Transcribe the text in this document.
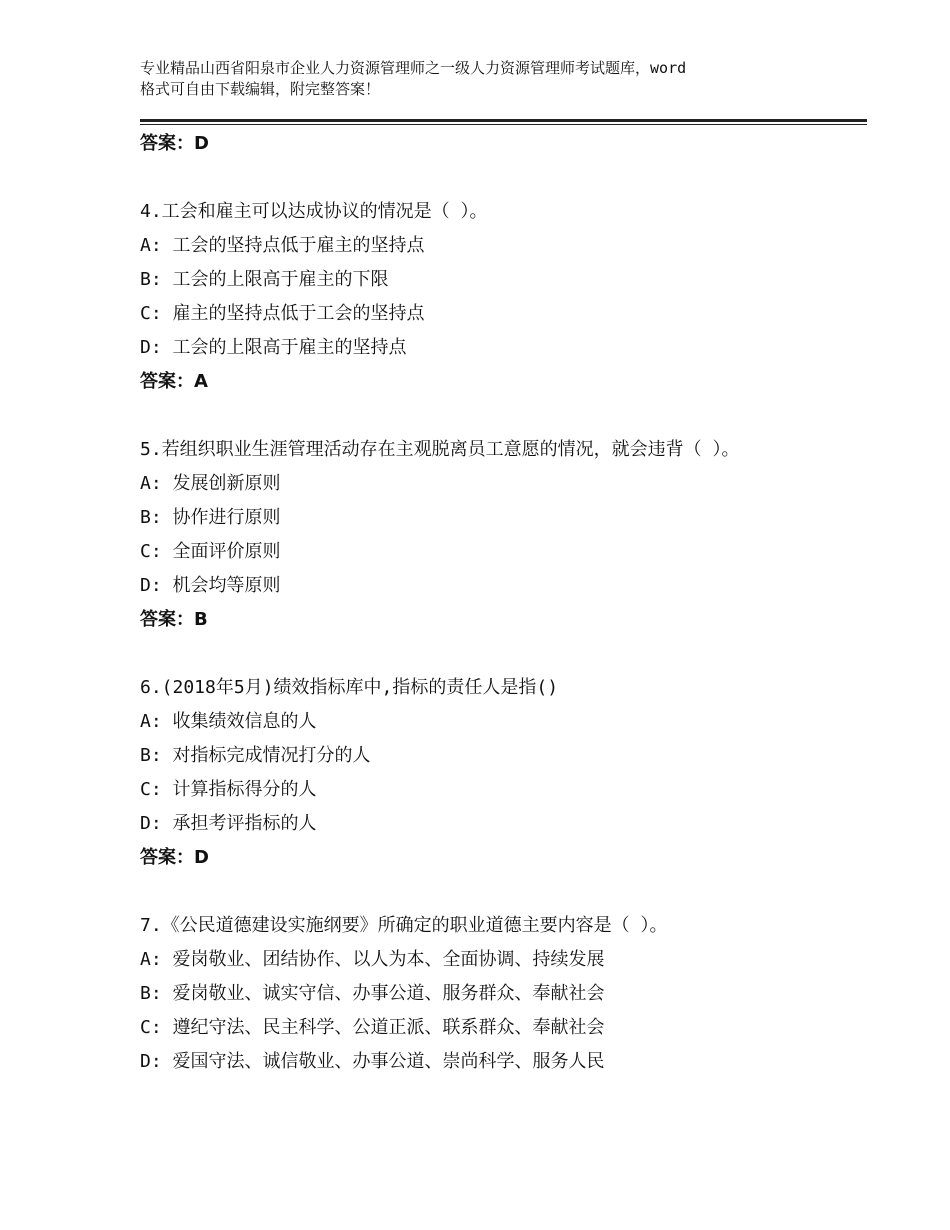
专业精品山西省阳泉市企业人力资源管理师之一级人力资源管理师考试题库，word
格式可自由下载编辑，附完整答案！
答案：D
4.工会和雇主可以达成协议的情况是（ ）。
A: 工会的坚持点低于雇主的坚持点
B: 工会的上限高于雇主的下限
C: 雇主的坚持点低于工会的坚持点
D: 工会的上限高于雇主的坚持点
答案：A
5.若组织职业生涯管理活动存在主观脱离员工意愿的情况，就会违背（ ）。
A: 发展创新原则
B: 协作进行原则
C: 全面评价原则
D: 机会均等原则
答案：B
6.(2018年5月)绩效指标库中,指标的责任人是指()
A: 收集绩效信息的人
B: 对指标完成情况打分的人
C: 计算指标得分的人
D: 承担考评指标的人
答案：D
7.《公民道德建设实施纲要》所确定的职业道德主要内容是（ ）。
A: 爱岗敬业、团结协作、以人为本、全面协调、持续发展
B: 爱岗敬业、诚实守信、办事公道、服务群众、奉献社会
C: 遵纪守法、民主科学、公道正派、联系群众、奉献社会
D: 爱国守法、诚信敬业、办事公道、崇尚科学、服务人民
